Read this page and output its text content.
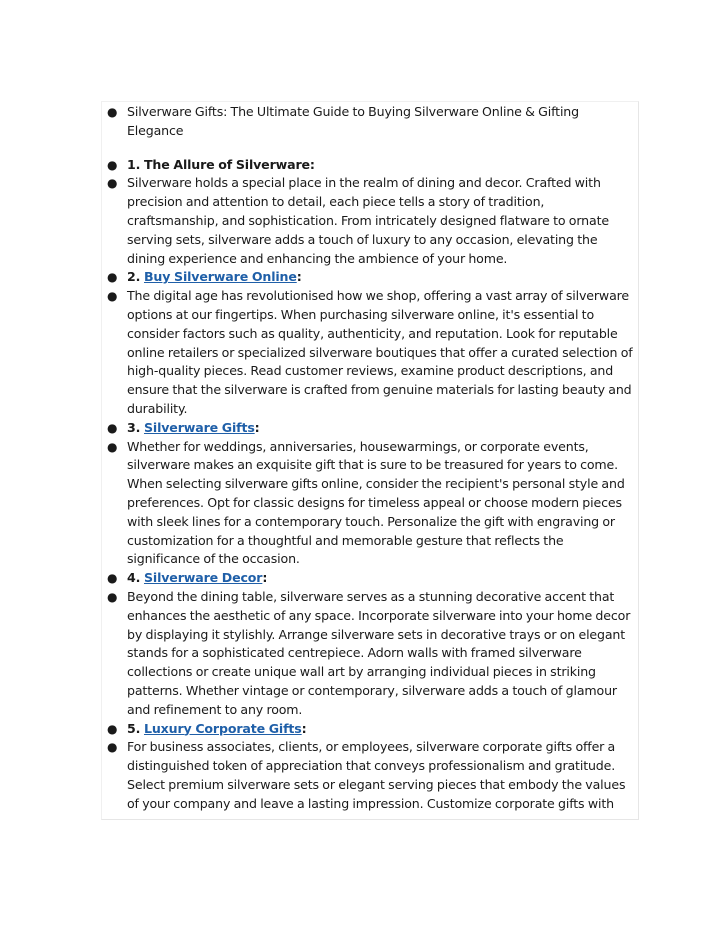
● Silverware Gifts: The Ultimate Guide to Buying Silverware Online & Gifting Elegance
● 1. The Allure of Silverware:
● Silverware holds a special place in the realm of dining and decor. Crafted with precision and attention to detail, each piece tells a story of tradition, craftsmanship, and sophistication. From intricately designed flatware to ornate serving sets, silverware adds a touch of luxury to any occasion, elevating the dining experience and enhancing the ambience of your home.
● 2. Buy Silverware Online:
● The digital age has revolutionised how we shop, offering a vast array of silverware options at our fingertips. When purchasing silverware online, it's essential to consider factors such as quality, authenticity, and reputation. Look for reputable online retailers or specialized silverware boutiques that offer a curated selection of high-quality pieces. Read customer reviews, examine product descriptions, and ensure that the silverware is crafted from genuine materials for lasting beauty and durability.
● 3. Silverware Gifts:
● Whether for weddings, anniversaries, housewarmings, or corporate events, silverware makes an exquisite gift that is sure to be treasured for years to come. When selecting silverware gifts online, consider the recipient's personal style and preferences. Opt for classic designs for timeless appeal or choose modern pieces with sleek lines for a contemporary touch. Personalize the gift with engraving or customization for a thoughtful and memorable gesture that reflects the significance of the occasion.
● 4. Silverware Decor:
● Beyond the dining table, silverware serves as a stunning decorative accent that enhances the aesthetic of any space. Incorporate silverware into your home decor by displaying it stylishly. Arrange silverware sets in decorative trays or on elegant stands for a sophisticated centrepiece. Adorn walls with framed silverware collections or create unique wall art by arranging individual pieces in striking patterns. Whether vintage or contemporary, silverware adds a touch of glamour and refinement to any room.
● 5. Luxury Corporate Gifts:
● For business associates, clients, or employees, silverware corporate gifts offer a distinguished token of appreciation that conveys professionalism and gratitude. Select premium silverware sets or elegant serving pieces that embody the values of your company and leave a lasting impression. Customize corporate gifts with
